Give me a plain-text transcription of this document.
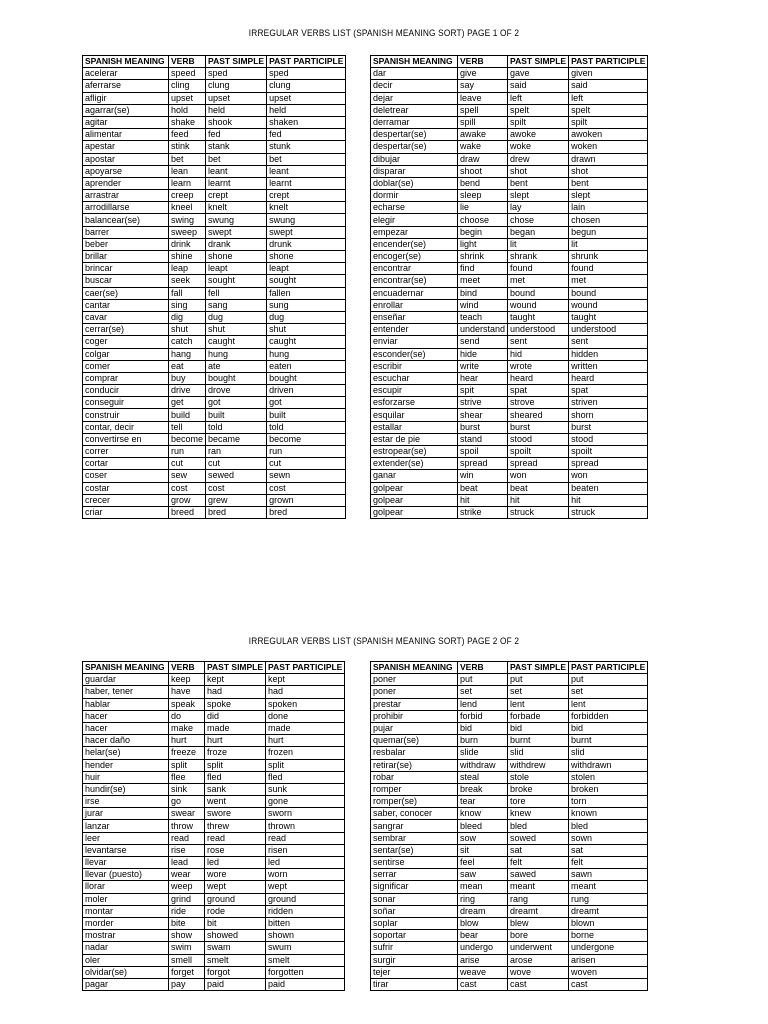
IRREGULAR VERBS LIST (SPANISH MEANING SORT) PAGE 1 OF 2
SPANISH MEANING	VERB	PAST SIMPLE	PAST PARTICIPLE
acelerar	speed	sped	sped
aferrarse	cling	clung	clung
afligir	upset	upset	upset
agarrar(se)	hold	held	held
agitar	shake	shook	shaken
alimentar	feed	fed	fed
apestar	stink	stank	stunk
apostar	bet	bet	bet
apoyarse	lean	leant	leant
aprender	learn	learnt	learnt
arrastrar	creep	crept	crept
arrodillarse	kneel	knelt	knelt
balancear(se)	swing	swung	swung
barrer	sweep	swept	swept
beber	drink	drank	drunk
brillar	shine	shone	shone
brincar	leap	leapt	leapt
buscar	seek	sought	sought
caer(se)	fall	fell	fallen
cantar	sing	sang	sung
cavar	dig	dug	dug
cerrar(se)	shut	shut	shut
coger	catch	caught	caught
colgar	hang	hung	hung
comer	eat	ate	eaten
comprar	buy	bought	bought
conducir	drive	drove	driven
conseguir	get	got	got
construir	build	built	built
contar, decir	tell	told	told
convertirse en	become	became	become
correr	run	ran	run
cortar	cut	cut	cut
coser	sew	sewed	sewn
costar	cost	cost	cost
crecer	grow	grew	grown
criar	breed	bred	bred
SPANISH MEANING	VERB	PAST SIMPLE	PAST PARTICIPLE
dar	give	gave	given
decir	say	said	said
dejar	leave	left	left
deletrear	spell	spelt	spelt
derramar	spill	spilt	spilt
despertar(se)	awake	awoke	awoken
despertar(se)	wake	woke	woken
dibujar	draw	drew	drawn
disparar	shoot	shot	shot
doblar(se)	bend	bent	bent
dormir	sleep	slept	slept
echarse	lie	lay	lain
elegir	choose	chose	chosen
empezar	begin	began	begun
encender(se)	light	lit	lit
encoger(se)	shrink	shrank	shrunk
encontrar	find	found	found
encontrar(se)	meet	met	met
encuadernar	bind	bound	bound
enrollar	wind	wound	wound
enseñar	teach	taught	taught
entender	understand	understood	understood
enviar	send	sent	sent
esconder(se)	hide	hid	hidden
escribir	write	wrote	written
escuchar	hear	heard	heard
escupir	spit	spat	spat
esforzarse	strive	strove	striven
esquilar	shear	sheared	shorn
estallar	burst	burst	burst
estar de pie	stand	stood	stood
estropear(se)	spoil	spoilt	spoilt
extender(se)	spread	spread	spread
ganar	win	won	won
golpear	beat	beat	beaten
golpear	hit	hit	hit
golpear	strike	struck	struck
IRREGULAR VERBS LIST (SPANISH MEANING SORT) PAGE 2 OF 2
SPANISH MEANING	VERB	PAST SIMPLE	PAST PARTICIPLE
guardar	keep	kept	kept
haber, tener	have	had	had
hablar	speak	spoke	spoken
hacer	do	did	done
hacer	make	made	made
hacer daño	hurt	hurt	hurt
helar(se)	freeze	froze	frozen
hender	split	split	split
huir	flee	fled	fled
hundir(se)	sink	sank	sunk
irse	go	went	gone
jurar	swear	swore	sworn
lanzar	throw	threw	thrown
leer	read	read	read
levantarse	rise	rose	risen
llevar	lead	led	led
llevar (puesto)	wear	wore	worn
llorar	weep	wept	wept
moler	grind	ground	ground
montar	ride	rode	ridden
morder	bite	bit	bitten
mostrar	show	showed	shown
nadar	swim	swam	swum
oler	smell	smelt	smelt
olvidar(se)	forget	forgot	forgotten
pagar	pay	paid	paid
SPANISH MEANING	VERB	PAST SIMPLE	PAST PARTICIPLE
poner	put	put	put
poner	set	set	set
prestar	lend	lent	lent
prohibir	forbid	forbade	forbidden
pujar	bid	bid	bid
quemar(se)	burn	burnt	burnt
resbalar	slide	slid	slid
retirar(se)	withdraw	withdrew	withdrawn
robar	steal	stole	stolen
romper	break	broke	broken
romper(se)	tear	tore	torn
saber, conocer	know	knew	known
sangrar	bleed	bled	bled
sembrar	sow	sowed	sown
sentar(se)	sit	sat	sat
sentirse	feel	felt	felt
serrar	saw	sawed	sawn
significar	mean	meant	meant
sonar	ring	rang	rung
soñar	dream	dreamt	dreamt
soplar	blow	blew	blown
soportar	bear	bore	borne
sufrir	undergo	underwent	undergone
surgir	arise	arose	arisen
tejer	weave	wove	woven
tirar	cast	cast	cast
